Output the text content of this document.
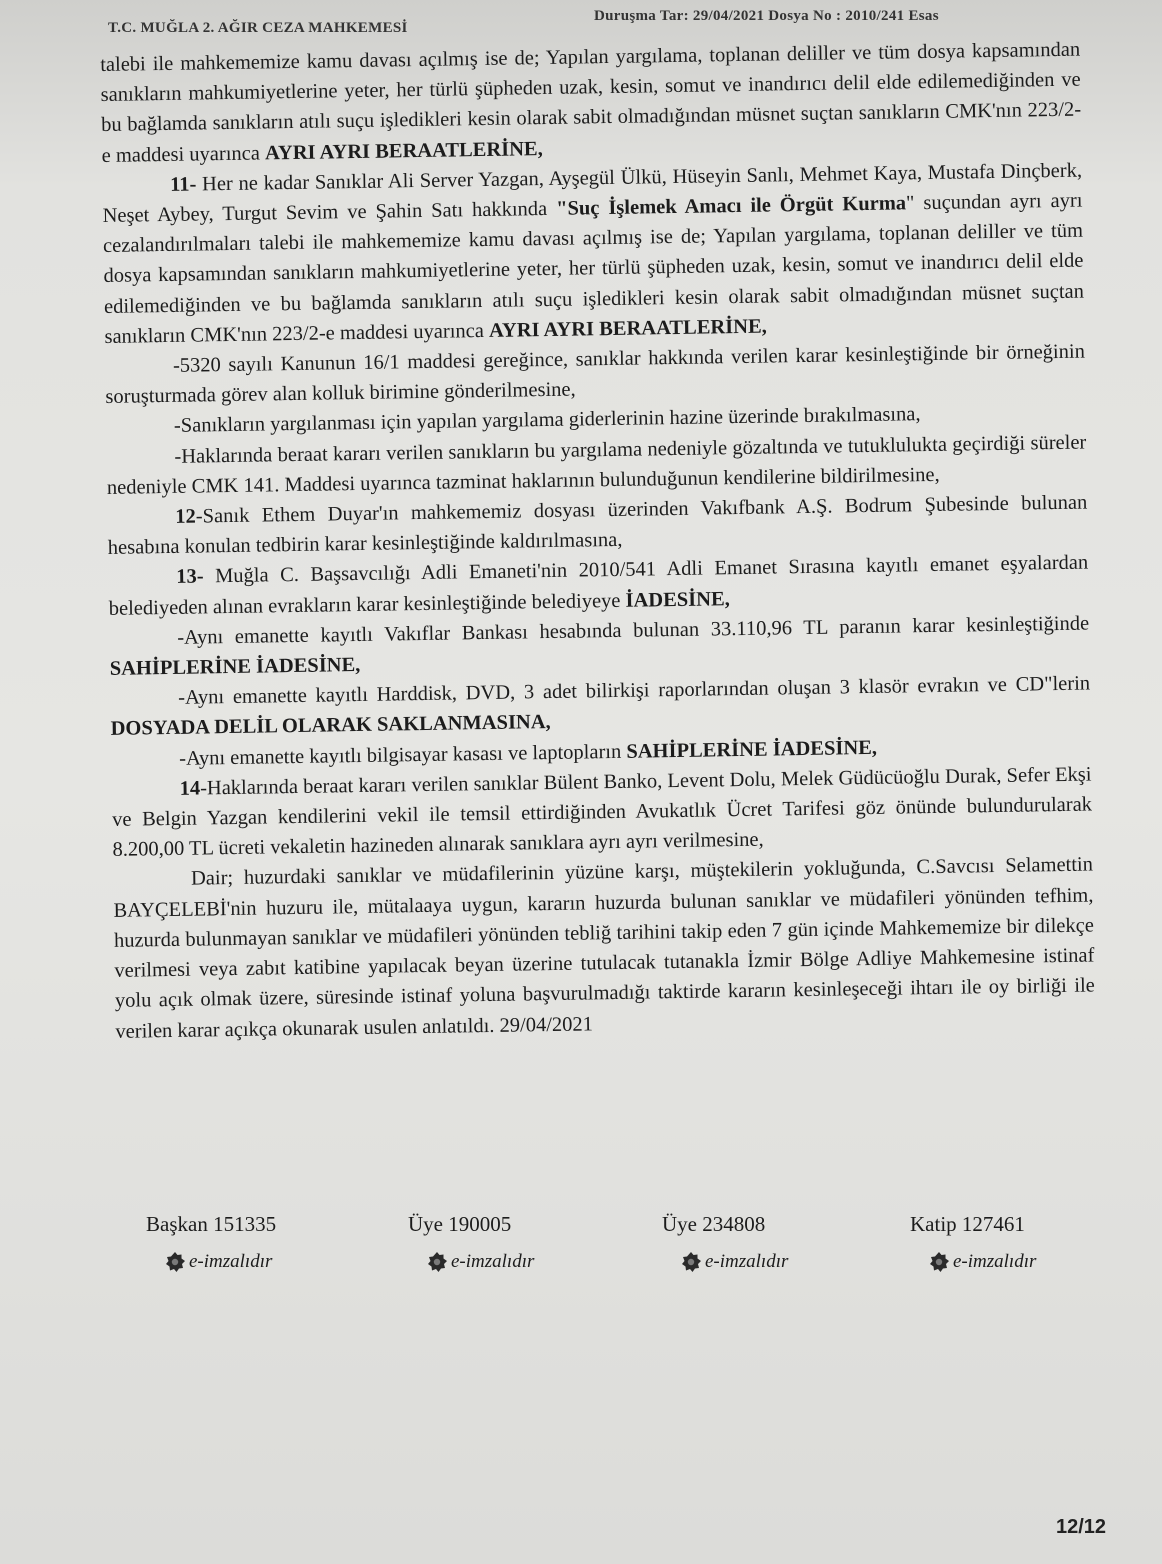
T.C. MUĞLA 2. AĞIR CEZA MAHKEMESİ
Duruşma Tar: 29/04/2021 Dosya No : 2010/241 Esas

talebi ile mahkememize kamu davası açılmış ise de; Yapılan yargılama, toplanan deliller ve tüm dosya kapsamından sanıkların mahkumiyetlerine yeter, her türlü şüpheden uzak, kesin, somut ve inandırıcı delil elde edilemediğinden ve bu bağlamda sanıkların atılı suçu işledikleri kesin olarak sabit olmadığından müsnet suçtan sanıkların CMK'nın 223/2-e maddesi uyarınca AYRI AYRI BERAATLERİNE,

11- Her ne kadar Sanıklar Ali Server Yazgan, Ayşegül Ülkü, Hüseyin Sanlı, Mehmet Kaya, Mustafa Dinçberk, Neşet Aybey, Turgut Sevim ve Şahin Satı hakkında "Suç İşlemek Amacı ile Örgüt Kurma" suçundan ayrı ayrı cezalandırılmaları talebi ile mahkememize kamu davası açılmış ise de; Yapılan yargılama, toplanan deliller ve tüm dosya kapsamından sanıkların mahkumiyetlerine yeter, her türlü şüpheden uzak, kesin, somut ve inandırıcı delil elde edilemediğinden ve bu bağlamda sanıkların atılı suçu işledikleri kesin olarak sabit olmadığından müsnet suçtan sanıkların CMK'nın 223/2-e maddesi uyarınca AYRI AYRI BERAATLERİNE,

-5320 sayılı Kanunun 16/1 maddesi gereğince, sanıklar hakkında verilen karar kesinleştiğinde bir örneğinin soruşturmada görev alan kolluk birimine gönderilmesine,

-Sanıkların yargılanması için yapılan yargılama giderlerinin hazine üzerinde bırakılmasına,

-Haklarında beraat kararı verilen sanıkların bu yargılama nedeniyle gözaltında ve tutuklulukta geçirdiği süreler nedeniyle CMK 141. Maddesi uyarınca tazminat haklarının bulunduğunun kendilerine bildirilmesine,

12-Sanık Ethem Duyar'ın mahkememiz dosyası üzerinden Vakıfbank A.Ş. Bodrum Şubesinde bulunan hesabına konulan tedbirin karar kesinleştiğinde kaldırılmasına,

13- Muğla C. Başsavcılığı Adli Emaneti'nin 2010/541 Adli Emanet Sırasına kayıtlı emanet eşyalardan belediyeden alınan evrakların karar kesinleştiğinde belediyeye İADESİNE,

-Aynı emanette kayıtlı Vakıflar Bankası hesabında bulunan 33.110,96 TL paranın karar kesinleştiğinde SAHİPLERİNE İADESİNE,

-Aynı emanette kayıtlı Harddisk, DVD, 3 adet bilirkişi raporlarından oluşan 3 klasör evrakın ve CD"lerin DOSYADA DELİL OLARAK SAKLANMASINA,

-Aynı emanette kayıtlı bilgisayar kasası ve laptopların SAHİPLERİNE İADESİNE,

14-Haklarında beraat kararı verilen sanıklar Bülent Banko, Levent Dolu, Melek Güdücüoğlu Durak, Sefer Ekşi ve Belgin Yazgan kendilerini vekil ile temsil ettirdiğinden Avukatlık Ücret Tarifesi göz önünde bulundurularak 8.200,00 TL ücreti vekaletin hazineden alınarak sanıklara ayrı ayrı verilmesine,

Dair; huzurdaki sanıklar ve müdafilerinin yüzüne karşı, müştekilerin yokluğunda, C.Savcısı Selamettin BAYÇELEBİ'nin huzuru ile, mütalaaya uygun, kararın huzurda bulunan sanıklar ve müdafileri yönünden tefhim, huzurda bulunmayan sanıklar ve müdafileri yönünden tebliğ tarihini takip eden 7 gün içinde Mahkememize bir dilekçe verilmesi veya zabıt katibine yapılacak beyan üzerine tutulacak tutanakla İzmir Bölge Adliye Mahkemesine istinaf yolu açık olmak üzere, süresinde istinaf yoluna başvurulmadığı taktirde kararın kesinleşeceği ihtarı ile oy birliği ile verilen karar açıkça okunarak usulen anlatıldı. 29/04/2021

Başkan 151335
e-imzalıdır
Üye 190005
e-imzalıdır
Üye 234808
e-imzalıdır
Katip 127461
e-imzalıdır
12/12
